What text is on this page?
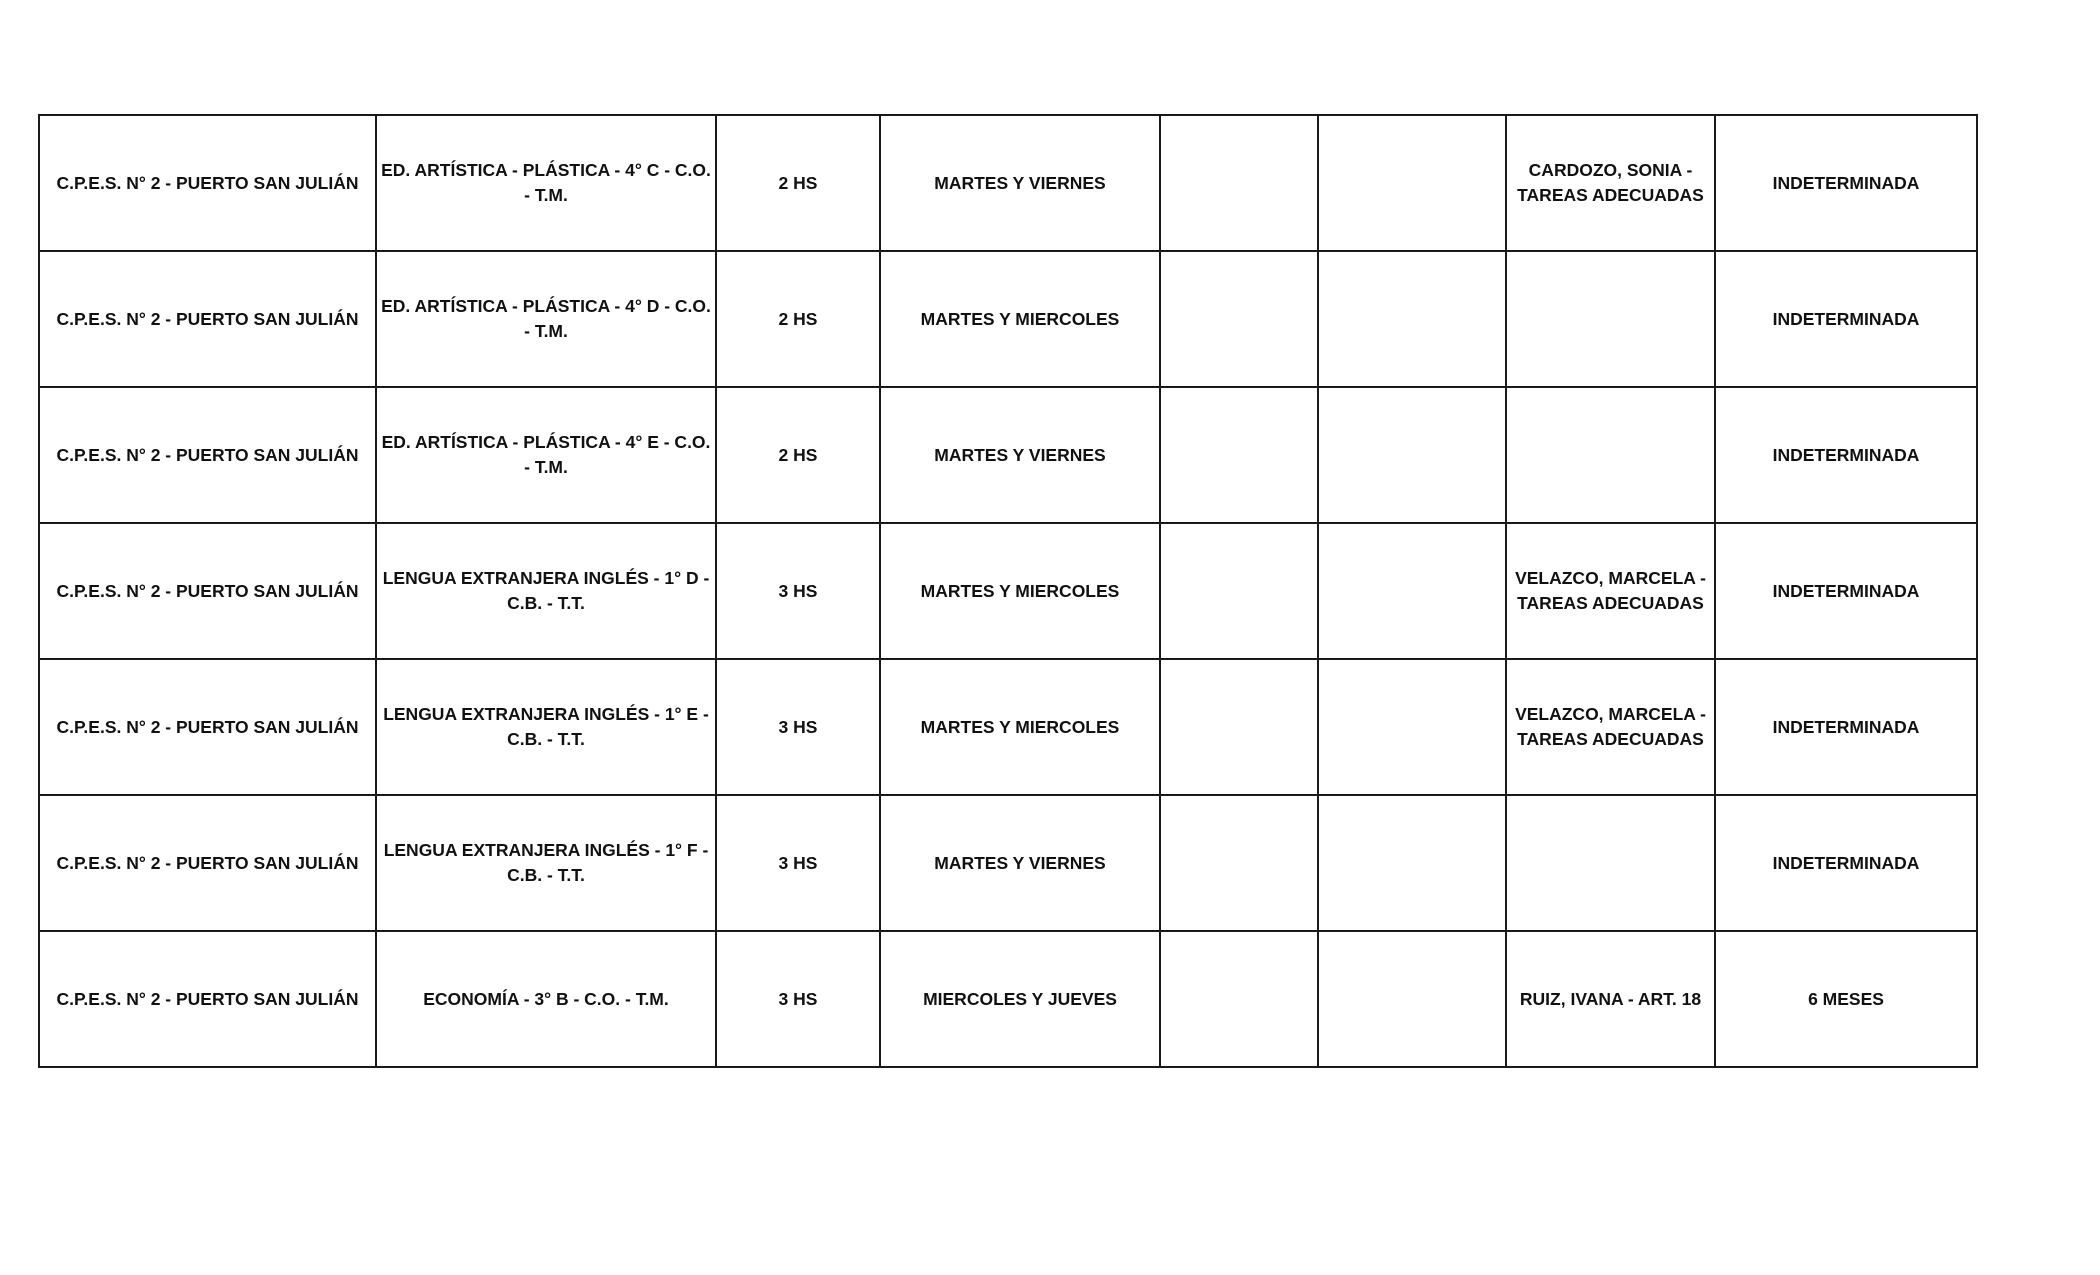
C.P.E.S. N° 2 - PUERTO SAN JULIÁN	ED. ARTÍSTICA - PLÁSTICA - 4° C - C.O. - T.M.	2 HS	MARTES Y VIERNES			CARDOZO, SONIA - TAREAS ADECUADAS	INDETERMINADA
C.P.E.S. N° 2 - PUERTO SAN JULIÁN	ED. ARTÍSTICA - PLÁSTICA - 4° D - C.O. - T.M.	2 HS	MARTES Y MIERCOLES				INDETERMINADA
C.P.E.S. N° 2 - PUERTO SAN JULIÁN	ED. ARTÍSTICA - PLÁSTICA - 4° E - C.O. - T.M.	2 HS	MARTES Y VIERNES				INDETERMINADA
C.P.E.S. N° 2 - PUERTO SAN JULIÁN	LENGUA EXTRANJERA INGLÉS - 1° D - C.B. - T.T.	3 HS	MARTES Y MIERCOLES			VELAZCO, MARCELA - TAREAS ADECUADAS	INDETERMINADA
C.P.E.S. N° 2 - PUERTO SAN JULIÁN	LENGUA EXTRANJERA INGLÉS - 1° E - C.B. - T.T.	3 HS	MARTES Y MIERCOLES			VELAZCO, MARCELA - TAREAS ADECUADAS	INDETERMINADA
C.P.E.S. N° 2 - PUERTO SAN JULIÁN	LENGUA EXTRANJERA INGLÉS - 1° F - C.B. - T.T.	3 HS	MARTES Y VIERNES				INDETERMINADA
C.P.E.S. N° 2 - PUERTO SAN JULIÁN	ECONOMÍA - 3° B - C.O. - T.M.	3 HS	MIERCOLES Y JUEVES			RUIZ, IVANA - ART. 18	6 MESES
